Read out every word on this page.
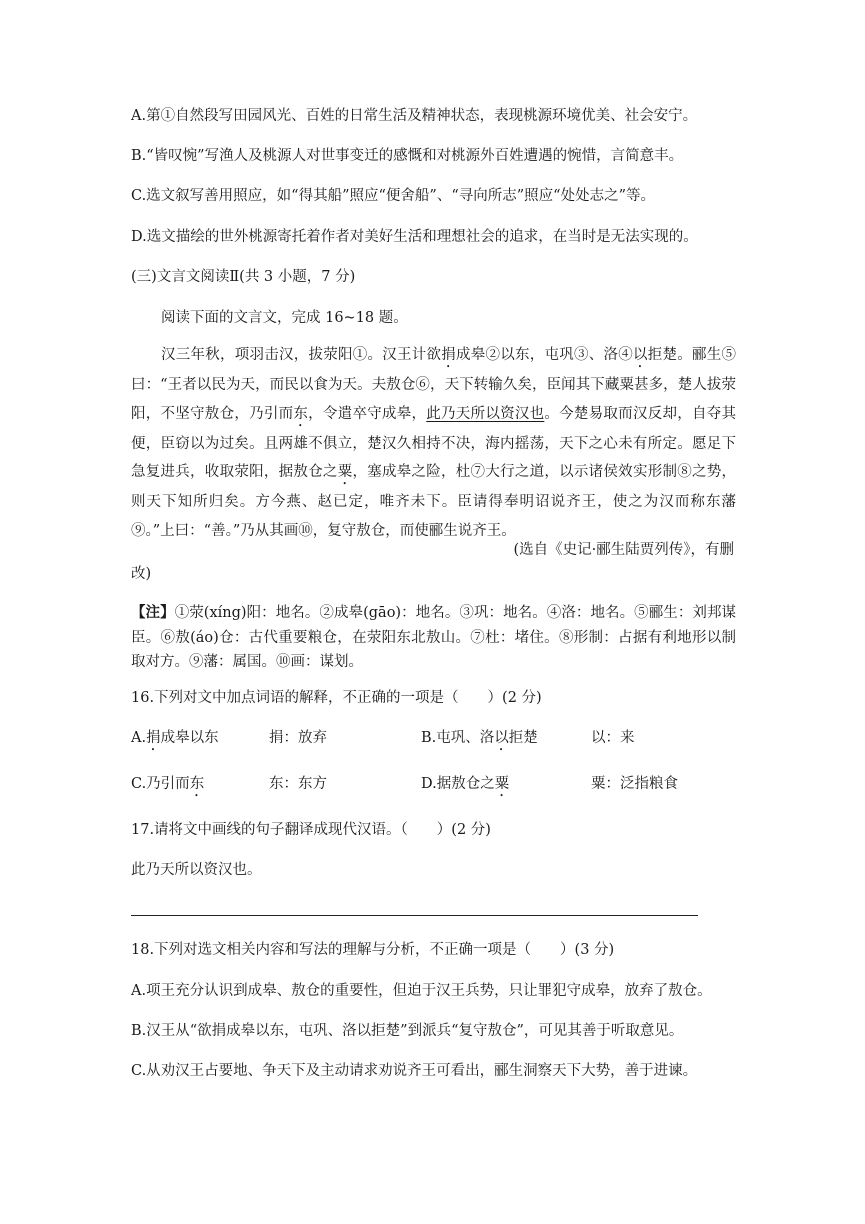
A.第①自然段写田园风光、百姓的日常生活及精神状态，表现桃源环境优美、社会安宁。
B.“皆叹惋”写渔人及桃源人对世事变迁的感慨和对桃源外百姓遭遇的惋惜，言简意丰。
C.选文叙写善用照应，如“得其船”照应“便舍船”、“寻向所志”照应“处处志之”等。
D.选文描绘的世外桃源寄托着作者对美好生活和理想社会的追求，在当时是无法实现的。
(三)文言文阅读Ⅱ(共 3 小题，7 分)
阅读下面的文言文，完成 16~18 题。
汉三年秋，项羽击汉，拔荥阳①。汉王计欲捐成皋②以东，屯巩③、洛④以拒楚。郦生⑤曰：“王者以民为天，而民以食为天。夫敖仓⑥，天下转输久矣，臣闻其下藏粟甚多，楚人拔荥阳，不坚守敖仓，乃引而东，令遣卒守成皋，此乃天所以资汉也。今楚易取而汉反却，自夺其便，臣窃以为过矣。且两雄不俱立，楚汉久相持不决，海内摇荡，天下之心未有所定。愿足下急复进兵，收取荥阳，据敖仓之粟，塞成皋之险，杜⑦大行之道，以示诸侯效实形制⑧之势，则天下知所归矣。方今燕、赵已定，唯齐未下。臣请得奉明诏说齐王，使之为汉而称东藩⑨。”上曰：“善。”乃从其画⑩，复守敖仓，而使郦生说齐王。
(选自《史记·郦生陆贾列传》，有删
改)
【注】①荥(xíng)阳：地名。②成皋(gāo)：地名。③巩：地名。④洛：地名。⑤郦生：刘邦谋臣。⑥敖(áo)仓：古代重要粮仓，在荥阳东北敖山。⑦杜：堵住。⑧形制：占据有利地形以制取对方。⑨藩：属国。⑩画：谋划。
16.下列对文中加点词语的解释，不正确的一项是（　　）(2 分)
A.捐成皋以东	捐：放弃	B.屯巩、洛以拒楚	以：来
C.乃引而东	东：东方	D.据敖仓之粟	粟：泛指粮食
17.请将文中画线的句子翻译成现代汉语。（　　）(2 分)
此乃天所以资汉也。
18.下列对选文相关内容和写法的理解与分析，不正确一项是（　　）(3 分)
A.项王充分认识到成皋、敖仓的重要性，但迫于汉王兵势，只让罪犯守成皋，放弃了敖仓。
B.汉王从“欲捐成皋以东，屯巩、洛以拒楚”到派兵“复守敖仓”，可见其善于听取意见。
C.从劝汉王占要地、争天下及主动请求劝说齐王可看出，郦生洞察天下大势，善于进谏。
